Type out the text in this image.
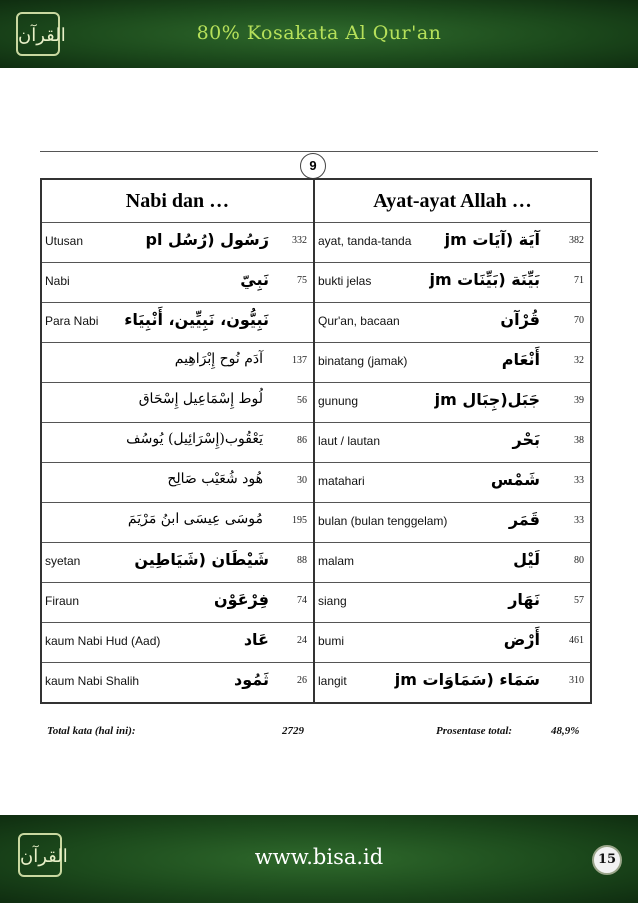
القرآن	80% Kosakata Al Qur'an
9
Nabi dan …	Ayat-ayat Allah …

Utusan رَسُول (رُسُل pl 332	ayat, tanda-tanda آيَة (آيَات jm 382

Nabi نَبِيّ 75	bukti jelas بَيِّنَة (بَيِّنَات jm 71

Para Nabi نَبِيُّون، نَبِيِّين، أَنْبِيَاء	Qur'an, bacaan قُرْآن 70

آدَم نُوح إِبْرَاهِيم 137	binatang (jamak) أَنْعَام 32

لُوط إِسْمَاعِيل إِسْحَاق 56	gunung جَبَل(جِبَال jm 39

يَعْقُوب(إِسْرَائِيل) يُوسُف 86	laut / lautan بَحْر 38

هُود شُعَيْب صَالِح 30	matahari شَمْس 33

مُوسَى عِيسَى ابنُ مَرْيَمَ 195	bulan (bulan tenggelam) قَمَر 33

syetan شَيْطَان (شَيَاطِين 88	malam لَيْل 80

Firaun فِرْعَوْن 74	siang نَهَار 57

kaum Nabi Hud (Aad) عَاد 24	bumi أَرْض 461

kaum Nabi Shalih ثَمُود 26	langit سَمَاء (سَمَاوَات jm 310
Total kata (hal ini):	2729	Prosentase total:	48,9%
القرآن	www.bisa.id	15
